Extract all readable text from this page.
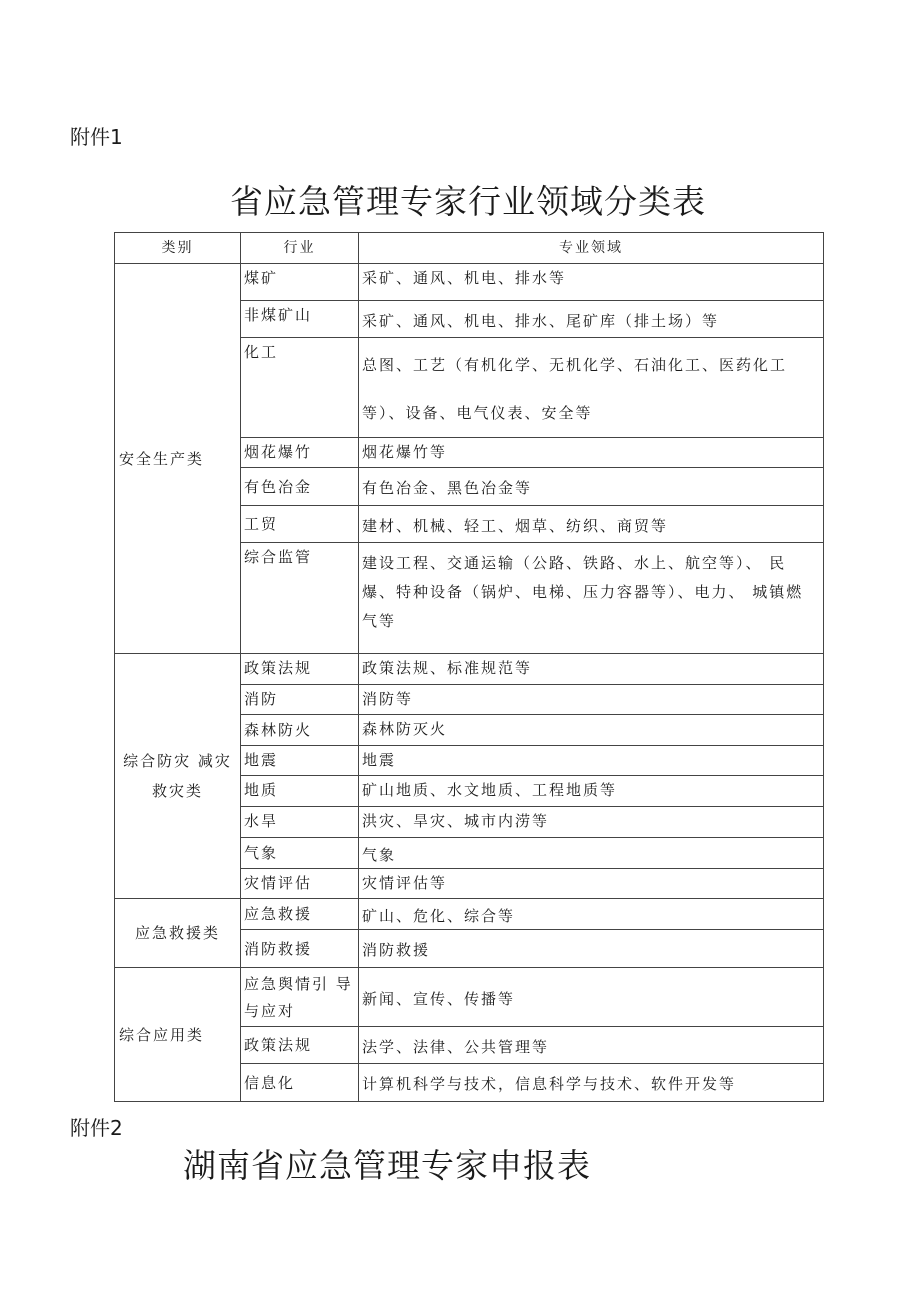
附件1
省应急管理专家行业领域分类表
类别	行业	专业领域
安全生产类	煤矿	采矿、通风、机电、排水等
	非煤矿山	采矿、通风、机电、排水、尾矿库（排土场）等
	化工	总图、工艺（有机化学、无机化学、石油化工、医药化工等）、设备、电气仪表、安全等
	烟花爆竹	烟花爆竹等
	有色冶金	有色冶金、黑色冶金等
	工贸	建材、机械、轻工、烟草、纺织、商贸等
	综合监管	建设工程、交通运输（公路、铁路、水上、航空等）、 民爆、特种设备（锅炉、电梯、压力容器等）、电力、 城镇燃气等
综合防灾 减灾救灾类	政策法规	政策法规、标准规范等
	消防	消防等
	森林防火	森林防灭火
	地震	地震
	地质	矿山地质、水文地质、工程地质等
	水旱	洪灾、旱灾、城市内涝等
	气象	气象
	灾情评估	灾情评估等
应急救援类	应急救援	矿山、危化、综合等
	消防救援	消防救援
综合应用类	应急舆情引 导与应对	新闻、宣传、传播等
	政策法规	法学、法律、公共管理等
	信息化	计算机科学与技术，信息科学与技术、软件开发等
附件2
湖南省应急管理专家申报表
